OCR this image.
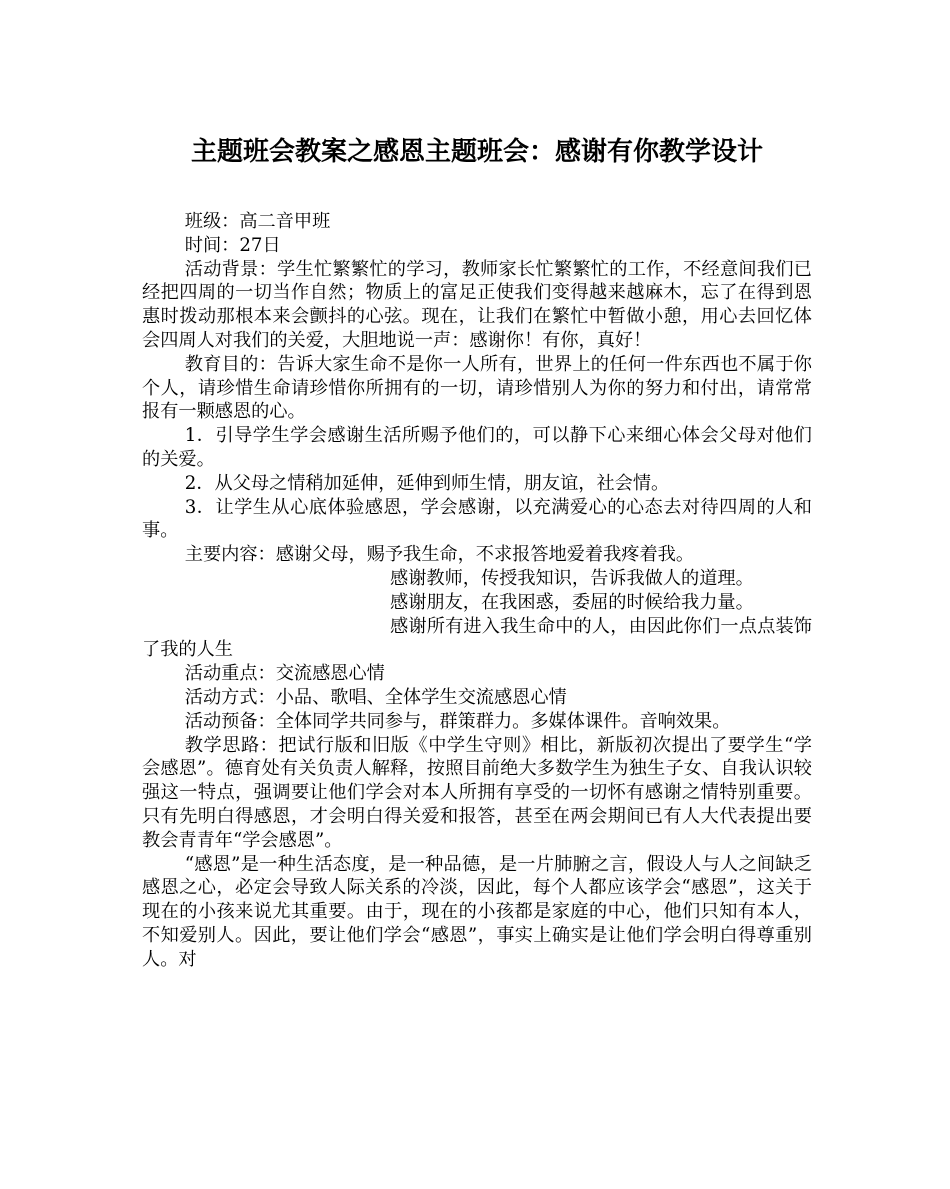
主题班会教案之感恩主题班会：感谢有你教学设计

班级：高二音甲班

时间：27日

活动背景：学生忙繁繁忙的学习，教师家长忙繁繁忙的工作，不经意间我们已经把四周的一切当作自然；物质上的富足正使我们变得越来越麻木，忘了在得到恩惠时拨动那根本来会颤抖的心弦。现在，让我们在繁忙中暂做小憩，用心去回忆体会四周人对我们的关爱，大胆地说一声：感谢你！有你，真好！

教育目的：告诉大家生命不是你一人所有，世界上的任何一件东西也不属于你个人，请珍惜生命请珍惜你所拥有的一切，请珍惜别人为你的努力和付出，请常常报有一颗感恩的心。

1．引导学生学会感谢生活所赐予他们的，可以静下心来细心体会父母对他们的关爱。

2．从父母之情稍加延伸，延伸到师生情，朋友谊，社会情。

3．让学生从心底体验感恩，学会感谢，以充满爱心的心态去对待四周的人和事。

主要内容：感谢父母，赐予我生命，不求报答地爱着我疼着我。

感谢教师，传授我知识，告诉我做人的道理。

感谢朋友，在我困惑，委屈的时候给我力量。

感谢所有进入我生命中的人，由因此你们一点点装饰了我的人生

活动重点：交流感恩心情

活动方式：小品、歌唱、全体学生交流感恩心情

活动预备：全体同学共同参与，群策群力。多媒体课件。音响效果。

教学思路：把试行版和旧版《中学生守则》相比，新版初次提出了要学生“学会感恩”。德育处有关负责人解释，按照目前绝大多数学生为独生子女、自我认识较强这一特点，强调要让他们学会对本人所拥有享受的一切怀有感谢之情特别重要。只有先明白得感恩，才会明白得关爱和报答，甚至在两会期间已有人大代表提出要教会青青年“学会感恩”。

“感恩”是一种生活态度，是一种品德，是一片肺腑之言，假设人与人之间缺乏感恩之心，必定会导致人际关系的冷淡，因此，每个人都应该学会“感恩”，这关于现在的小孩来说尤其重要。由于，现在的小孩都是家庭的中心，他们只知有本人，不知爱别人。因此，要让他们学会“感恩”，事实上确实是让他们学会明白得尊重别人。对
